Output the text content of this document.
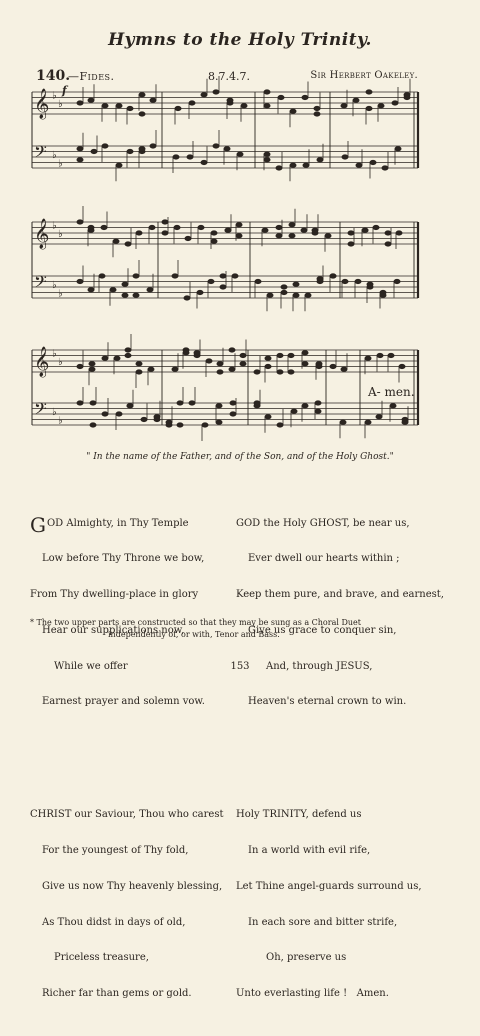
Hymns to the Holy Trinity.
140.
—Fides.	8.7.4.7.	Sir Herbert Oakeley.
f
𝄞 ♭
♭
𝄢 ♭
♭
𝄞 ♭
♭
𝄢 ♭
♭
𝄞 ♭
♭
𝄢 ♭
♭
A- men.
" In the name of the Father, and of the Son, and of the Holy Ghost."

GOD Almighty, in Thy Temple

Low before Thy Throne we bow,

From Thy dwelling-place in glory

Hear our supplications now,

While we offer

Earnest prayer and solemn vow.

CHRIST our Saviour, Thou who carest

For the youngest of Thy fold,

Give us now Thy heavenly blessing,

As Thou didst in days of old,

Priceless treasure,

Richer far than gems or gold.

GOD the Holy GHOST, be near us,

Ever dwell our hearts within ;

Keep them pure, and brave, and earnest,

Give us grace to conquer sin,

And, through JESUS,

Heaven's eternal crown to win.

Holy TRINITY, defend us

In a world with evil rife,

Let Thine angel-guards surround us,

In each sore and bitter strife,

Oh, preserve us

Unto everlasting life !   Amen.

* The two upper parts are constructed so that they may be sung as a Choral Duet
independently of, or with, Tenor and Bass.
153
